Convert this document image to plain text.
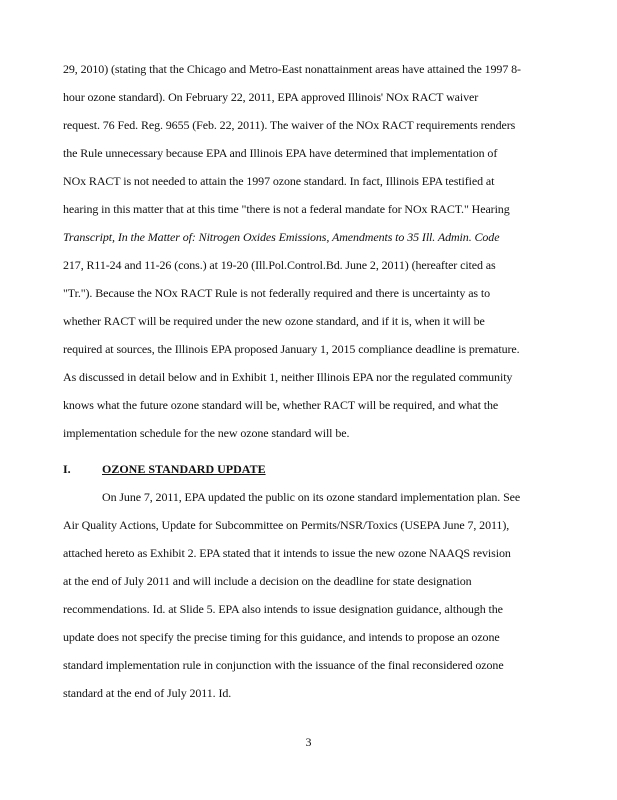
29, 2010) (stating that the Chicago and Metro-East nonattainment areas have attained the 1997 8-
hour ozone standard). On February 22, 2011, EPA approved Illinois' NOx RACT waiver
request. 76 Fed. Reg. 9655 (Feb. 22, 2011). The waiver of the NOx RACT requirements renders
the Rule unnecessary because EPA and Illinois EPA have determined that implementation of
NOx RACT is not needed to attain the 1997 ozone standard. In fact, Illinois EPA testified at
hearing in this matter that at this time "there is not a federal mandate for NOx RACT." Hearing
Transcript, In the Matter of: Nitrogen Oxides Emissions, Amendments to 35 Ill. Admin. Code
217, R11-24 and 11-26 (cons.) at 19-20 (Ill.Pol.Control.Bd. June 2, 2011) (hereafter cited as
"Tr."). Because the NOx RACT Rule is not federally required and there is uncertainty as to
whether RACT will be required under the new ozone standard, and if it is, when it will be
required at sources, the Illinois EPA proposed January 1, 2015 compliance deadline is premature.
As discussed in detail below and in Exhibit 1, neither Illinois EPA nor the regulated community
knows what the future ozone standard will be, whether RACT will be required, and what the
implementation schedule for the new ozone standard will be.
I.	OZONE STANDARD UPDATE
On June 7, 2011, EPA updated the public on its ozone standard implementation plan. See
Air Quality Actions, Update for Subcommittee on Permits/NSR/Toxics (USEPA June 7, 2011),
attached hereto as Exhibit 2. EPA stated that it intends to issue the new ozone NAAQS revision
at the end of July 2011 and will include a decision on the deadline for state designation
recommendations. Id. at Slide 5. EPA also intends to issue designation guidance, although the
update does not specify the precise timing for this guidance, and intends to propose an ozone
standard implementation rule in conjunction with the issuance of the final reconsidered ozone
standard at the end of July 2011. Id.
3
